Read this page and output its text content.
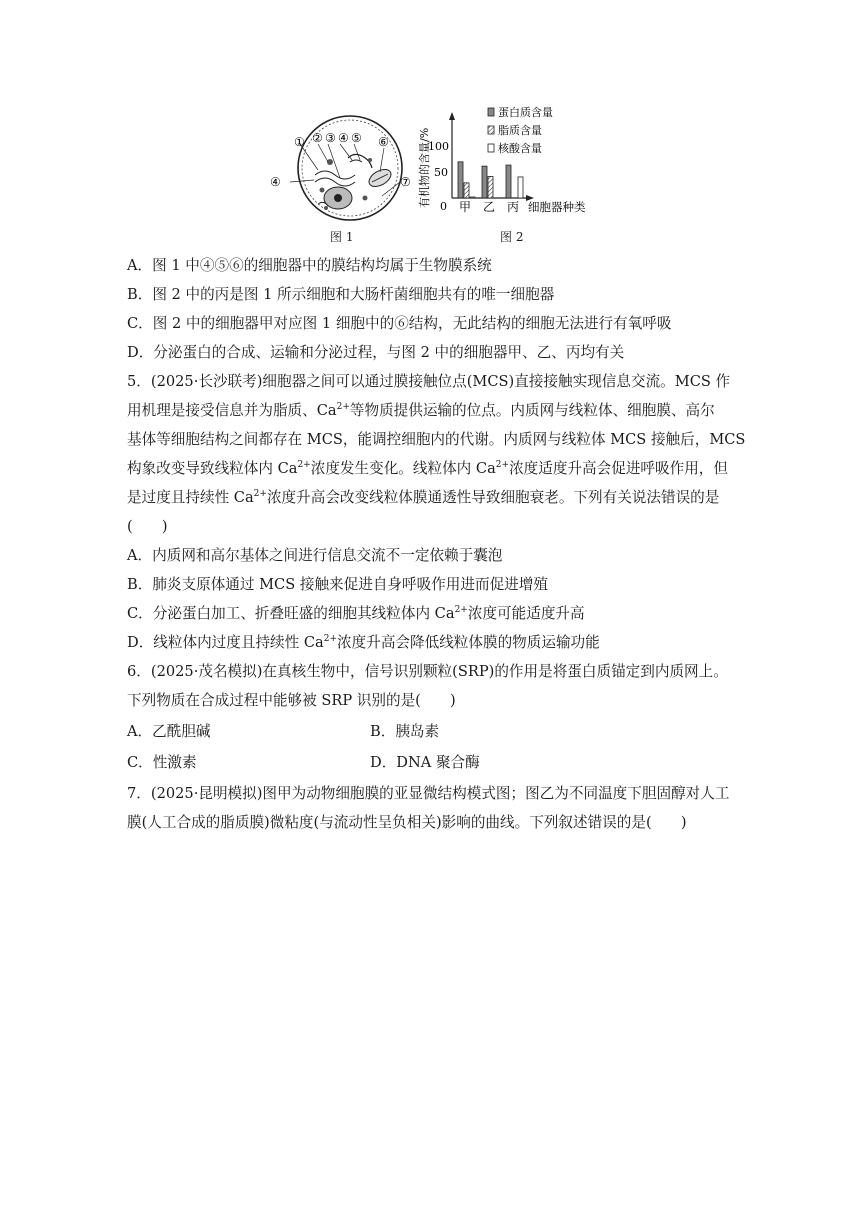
① ② ③ ④ ⑤ ⑥
④	⑦ 有机物的含量/% 0
50
100
甲 乙 丙 细胞器种类
蛋白质含量
脂质含量
核酸含量
图 1	图 2
A．图 1 中④⑤⑥的细胞器中的膜结构均属于生物膜系统
B．图 2 中的丙是图 1 所示细胞和大肠杆菌细胞共有的唯一细胞器
C．图 2 中的细胞器甲对应图 1 细胞中的⑥结构，无此结构的细胞无法进行有氧呼吸
D．分泌蛋白的合成、运输和分泌过程，与图 2 中的细胞器甲、乙、丙均有关
5．(2025·长沙联考)细胞器之间可以通过膜接触位点(MCS)直接接触实现信息交流。MCS 作
用机理是接受信息并为脂质、$Ca^{2+}$等物质提供运输的位点。内质网与线粒体、细胞膜、高尔
基体等细胞结构之间都存在 MCS，能调控细胞内的代谢。内质网与线粒体 MCS 接触后，MCS
构象改变导致线粒体内 $Ca^{2+}$浓度发生变化。线粒体内 $Ca^{2+}$浓度适度升高会促进呼吸作用，但
是过度且持续性 $Ca^{2+}$浓度升高会改变线粒体膜通透性导致细胞衰老。下列有关说法错误的是
(　　)
A．内质网和高尔基体之间进行信息交流不一定依赖于囊泡
B．肺炎支原体通过 MCS 接触来促进自身呼吸作用进而促进增殖
C．分泌蛋白加工、折叠旺盛的细胞其线粒体内 $Ca^{2+}$浓度可能适度升高
D．线粒体内过度且持续性 $Ca^{2+}$浓度升高会降低线粒体膜的物质运输功能
6．(2025·茂名模拟)在真核生物中，信号识别颗粒(SRP)的作用是将蛋白质锚定到内质网上。
下列物质在合成过程中能够被 SRP 识别的是(　　)
A．乙酰胆碱	B．胰岛素
C．性激素	D．DNA 聚合酶
7．(2025·昆明模拟)图甲为动物细胞膜的亚显微结构模式图；图乙为不同温度下胆固醇对人工
膜(人工合成的脂质膜)微粘度(与流动性呈负相关)影响的曲线。下列叙述错误的是(　　)
